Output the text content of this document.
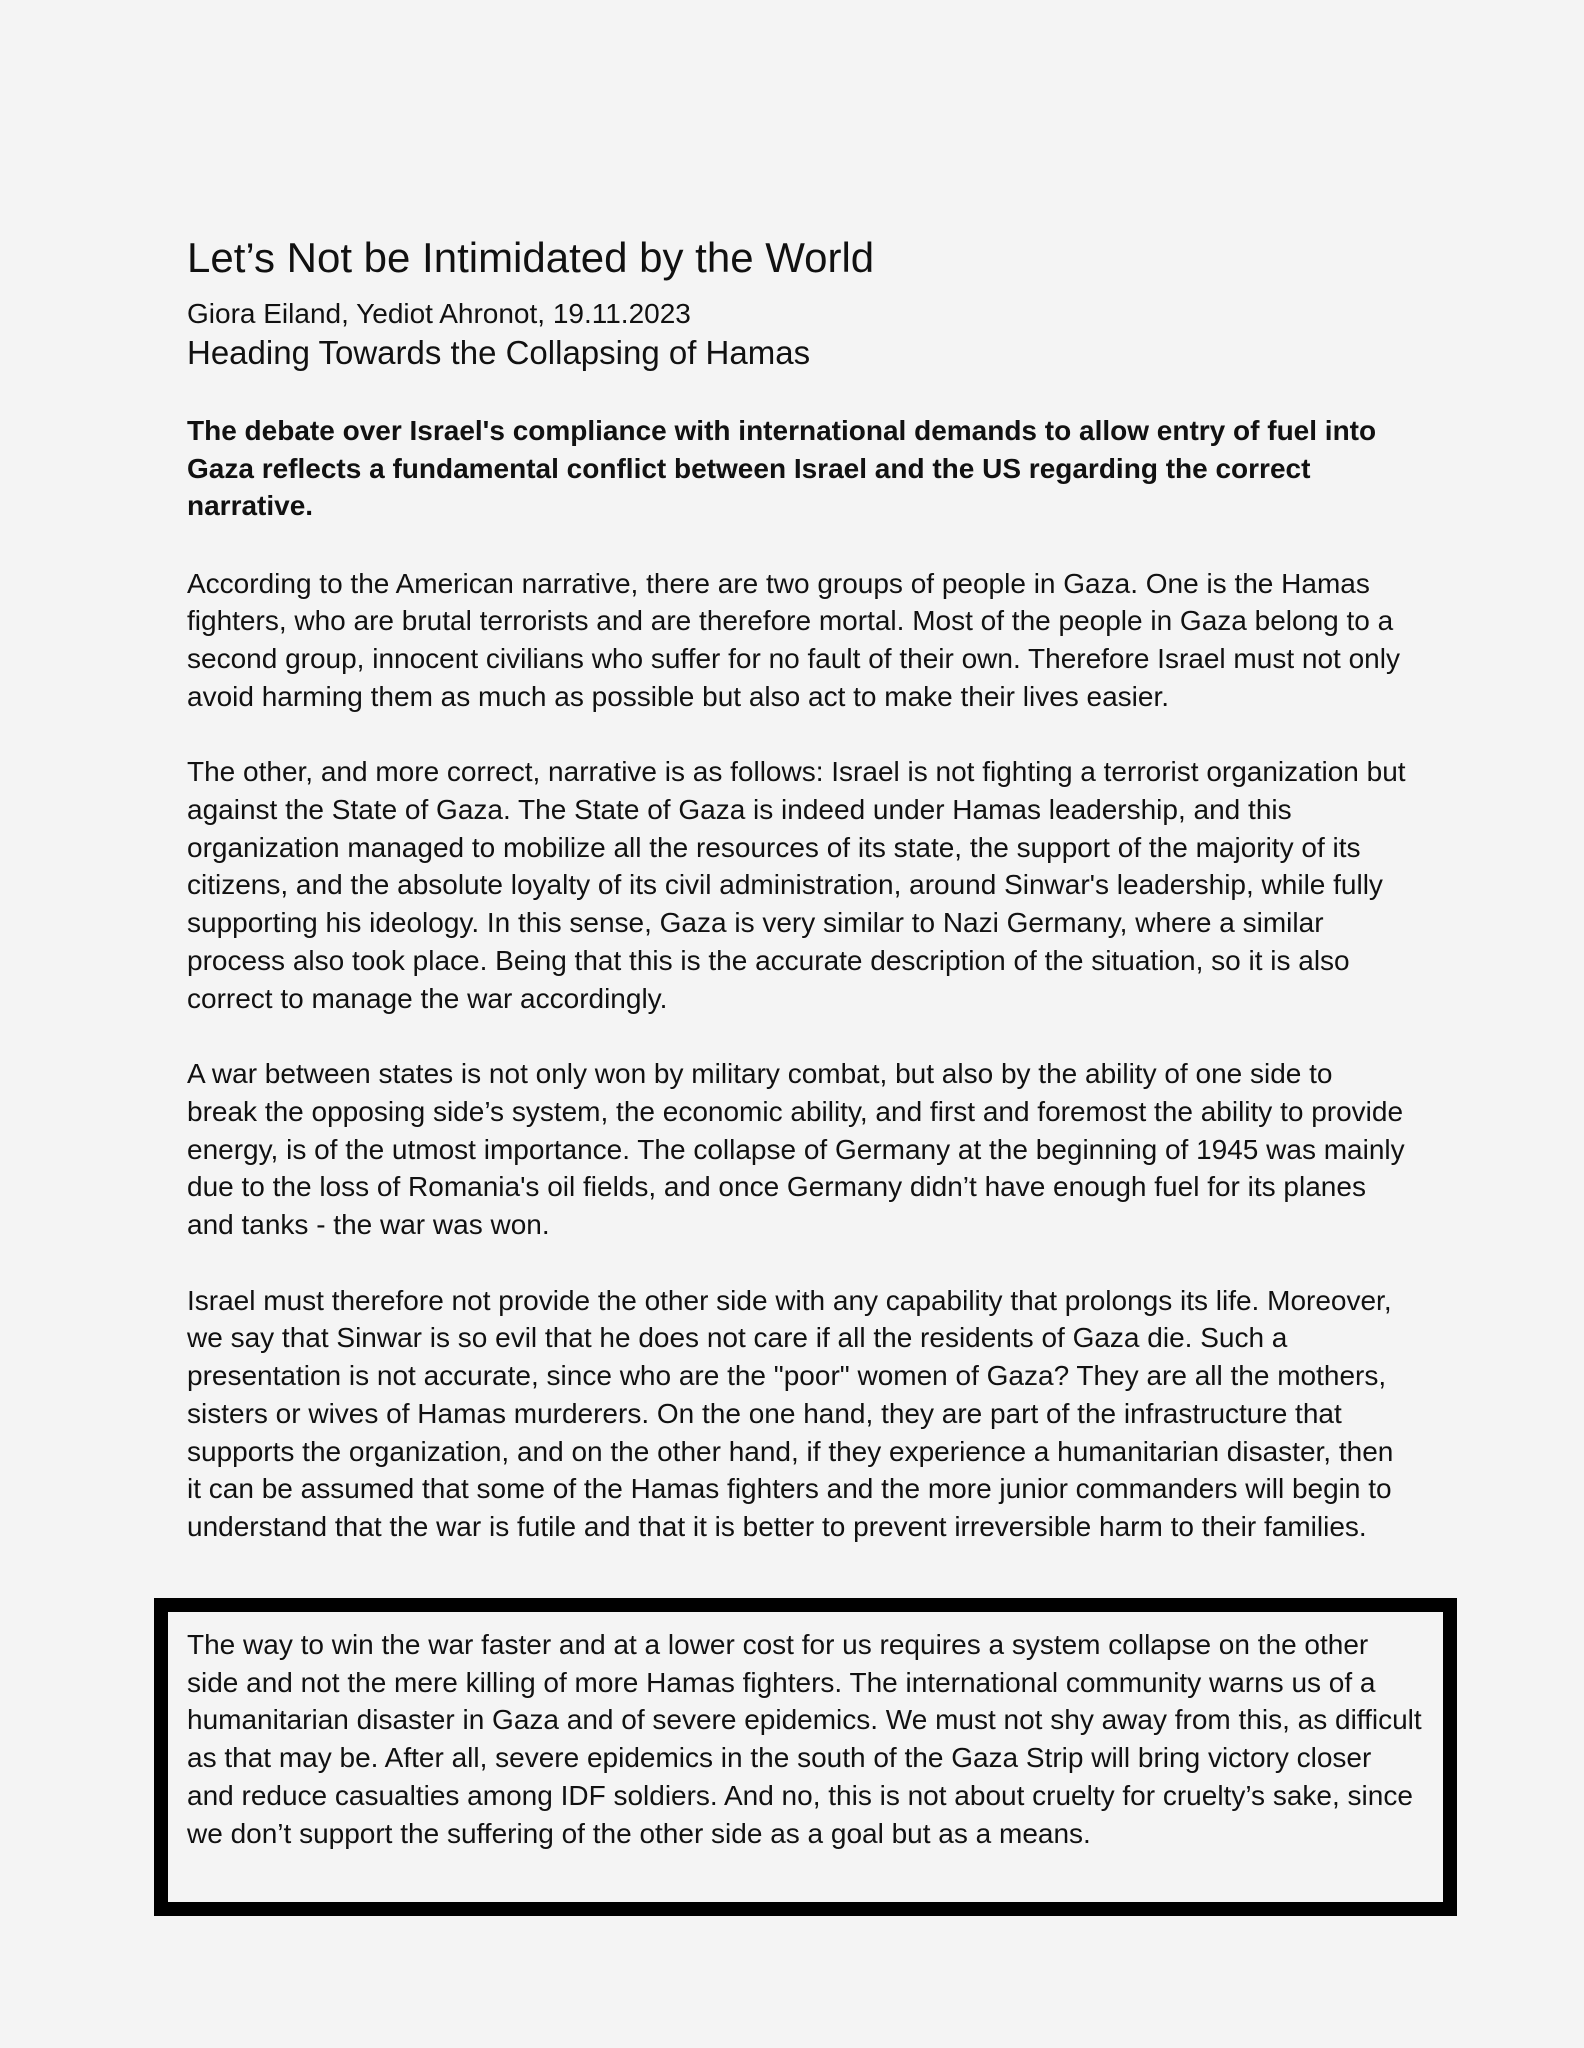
Let’s Not be Intimidated by the World

Giora Eiland, Yediot Ahronot, 19.11.2023

Heading Towards the Collapsing of Hamas

The debate over Israel's compliance with international demands to allow entry of fuel into Gaza reflects a fundamental conflict between Israel and the US regarding the correct narrative.

According to the American narrative, there are two groups of people in Gaza. One is the Hamas fighters, who are brutal terrorists and are therefore mortal. Most of the people in Gaza belong to a second group, innocent civilians who suffer for no fault of their own. Therefore Israel must not only avoid harming them as much as possible but also act to make their lives easier.

The other, and more correct, narrative is as follows: Israel is not fighting a terrorist organization but against the State of Gaza. The State of Gaza is indeed under Hamas leadership, and this organization managed to mobilize all the resources of its state, the support of the majority of its citizens, and the absolute loyalty of its civil administration, around Sinwar's leadership, while fully supporting his ideology. In this sense, Gaza is very similar to Nazi Germany, where a similar process also took place. Being that this is the accurate description of the situation, so it is also correct to manage the war accordingly.

A war between states is not only won by military combat, but also by the ability of one side to break the opposing side’s system, the economic ability, and first and foremost the ability to provide energy, is of the utmost importance. The collapse of Germany at the beginning of 1945 was mainly due to the loss of Romania's oil fields, and once Germany didn’t have enough fuel for its planes and tanks - the war was won.

Israel must therefore not provide the other side with any capability that prolongs its life. Moreover, we say that Sinwar is so evil that he does not care if all the residents of Gaza die. Such a presentation is not accurate, since who are the "poor" women of Gaza? They are all the mothers, sisters or wives of Hamas murderers. On the one hand, they are part of the infrastructure that supports the organization, and on the other hand, if they experience a humanitarian disaster, then it can be assumed that some of the Hamas fighters and the more junior commanders will begin to understand that the war is futile and that it is better to prevent irreversible harm to their families.

The way to win the war faster and at a lower cost for us requires a system collapse on the other side and not the mere killing of more Hamas fighters. The international community warns us of a humanitarian disaster in Gaza and of severe epidemics. We must not shy away from this, as difficult as that may be. After all, severe epidemics in the south of the Gaza Strip will bring victory closer and reduce casualties among IDF soldiers. And no, this is not about cruelty for cruelty’s sake, since we don’t support the suffering of the other side as a goal but as a means.
